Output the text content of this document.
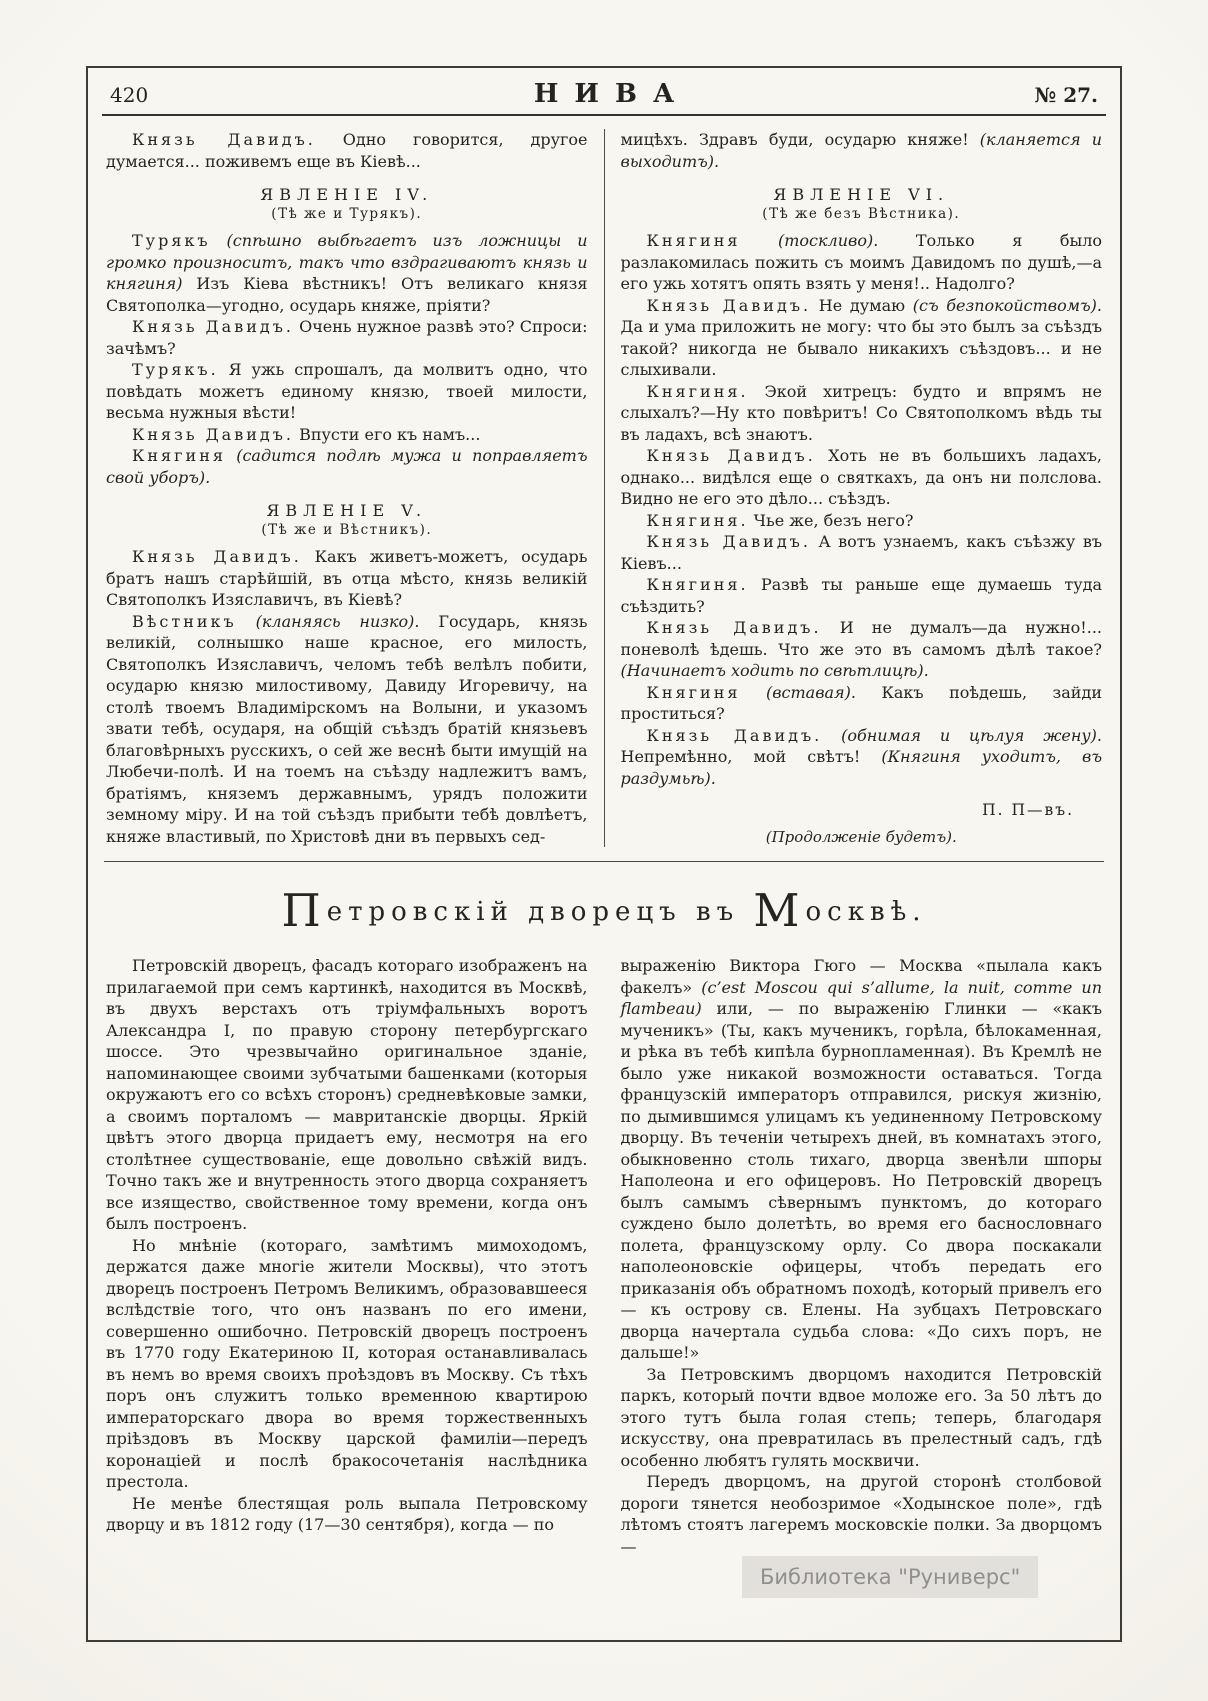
420	НИВА	№ 27.

Князь Давидъ. Одно говорится, другое думается... поживемъ еще въ Кіевѣ...

ЯВЛЕНІЕ IV.
(Тѣ же и Турякъ).

Турякъ (спѣшно выбѣгаетъ изъ ложницы и громко произноситъ, такъ что вздрагиваютъ князь и княгиня) Изъ Кіева вѣстникъ! Отъ великаго князя Святополка—угодно, осударь княже, пріяти?

Князь Давидъ. Очень нужное развѣ это? Спроси: зачѣмъ?

Турякъ. Я ужь спрошалъ, да молвитъ одно, что повѣдать можетъ единому князю, твоей милости, весьма нужныя вѣсти!

Князь Давидъ. Впусти его къ намъ...

Княгиня (садится подлѣ мужа и поправляетъ свой уборъ).

ЯВЛЕНІЕ V.
(Тѣ же и Вѣстникъ).

Князь Давидъ. Какъ живетъ-можетъ, осударь братъ нашъ старѣйшій, въ отца мѣсто, князь великій Святополкъ Изяславичъ, въ Кіевѣ?

Вѣстникъ (кланяясь низко). Государь, князь великій, солнышко наше красное, его милость, Святополкъ Изяславичъ, челомъ тебѣ велѣлъ побити, осударю князю милостивому, Давиду Игоревичу, на столѣ твоемъ Владимірскомъ на Волыни, и указомъ звати тебѣ, осударя, на общій съѣздъ братій князьевъ благовѣрныхъ русскихъ, о сей же веснѣ быти имущій на Любечи-полѣ. И на тоемъ на съѣзду надлежитъ вамъ, братіямъ, княземъ державнымъ, урядъ положити земному міру. И на той съѣздъ прибыти тебѣ довлѣетъ, княже властивый, по Христовѣ дни въ первыхъ сед-

мицѣхъ. Здравъ буди, осударю княже! (кланяется и выходитъ).

ЯВЛЕНІЕ VI.
(Тѣ же безъ Вѣстника).

Княгиня (тоскливо). Только я было разлакомилась пожить съ моимъ Давидомъ по душѣ,—а его ужь хотятъ опять взять у меня!.. Надолго?

Князь Давидъ. Не думаю (съ безпокойствомъ). Да и ума приложить не могу: что бы это былъ за съѣздъ такой? никогда не бывало никакихъ съѣздовъ... и не слыхивали.

Княгиня. Экой хитрецъ: будто и впрямъ не слыхалъ?—Ну кто повѣритъ! Со Святополкомъ вѣдь ты въ ладахъ, всѣ знаютъ.

Князь Давидъ. Хоть не въ большихъ ладахъ, однако... видѣлся еще о святкахъ, да онъ ни полслова. Видно не его это дѣло... съѣздъ.

Княгиня. Чье же, безъ него?

Князь Давидъ. А вотъ узнаемъ, какъ съѣзжу въ Кіевъ...

Княгиня. Развѣ ты раньше еще думаешь туда съѣздить?

Князь Давидъ. И не думалъ—да нужно!... поневолѣ ѣдешь. Что же это въ самомъ дѣлѣ такое? (Начинаетъ ходить по свѣтлицѣ).

Княгиня (вставая). Какъ поѣдешь, зайди проститься?

Князь Давидъ. (обнимая и цѣлуя жену). Непремѣнно, мой свѣтъ! (Княгиня уходитъ, въ раздумьѣ).

П. П—въ.
(Продолженіе будетъ).
Петровскій дворецъ въ Москвѣ.

Петровскій дворецъ, фасадъ котораго изображенъ на прилагаемой при семъ картинкѣ, находится въ Москвѣ, въ двухъ верстахъ отъ тріумфальныхъ воротъ Александра I, по правую сторону петербургскаго шоссе. Это чрезвычайно оригинальное зданіе, напоминающее своими зубчатыми башенками (которыя окружаютъ его со всѣхъ сторонъ) средневѣковые замки, а своимъ порталомъ — мавританскіе дворцы. Яркій цвѣтъ этого дворца придаетъ ему, несмотря на его столѣтнее существованіе, еще довольно свѣжій видъ. Точно такъ же и внутренность этого дворца сохраняетъ все изящество, свойственное тому времени, когда онъ былъ построенъ.

Но мнѣніе (котораго, замѣтимъ мимоходомъ, держатся даже многіе жители Москвы), что этотъ дворецъ построенъ Петромъ Великимъ, образовавшееся вслѣдствіе того, что онъ названъ по его имени, совершенно ошибочно. Петровскій дворецъ построенъ въ 1770 году Екатериною II, которая останавливалась въ немъ во время своихъ проѣздовъ въ Москву. Съ тѣхъ поръ онъ служитъ только временною квартирою императорскаго двора во время торжественныхъ пріѣздовъ въ Москву царской фамиліи—передъ коронаціей и послѣ бракосочетанія наслѣдника престола.

Не менѣе блестящая роль выпала Петровскому дворцу и въ 1812 году (17—30 сентября), когда — по

выраженію Виктора Гюго — Москва «пылала какъ факелъ» (c’est Moscou qui s’allume, la nuit, comme un flambeau) или, — по выраженію Глинки — «какъ мученикъ» (Ты, какъ мученикъ, горѣла, бѣлокаменная, и рѣка въ тебѣ кипѣла бурнопламенная). Въ Кремлѣ не было уже никакой возможности оставаться. Тогда французскій императоръ отправился, рискуя жизнію, по дымившимся улицамъ къ уединенному Петровскому дворцу. Въ теченіи четырехъ дней, въ комнатахъ этого, обыкновенно столь тихаго, дворца звенѣли шпоры Наполеона и его офицеровъ. Но Петровскій дворецъ былъ самымъ сѣвернымъ пунктомъ, до котораго суждено было долетѣть, во время его баснословнаго полета, французскому орлу. Со двора поскакали наполеоновскіе офицеры, чтобъ передать его приказанія объ обратномъ походѣ, который привелъ его — къ острову св. Елены. На зубцахъ Петровскаго дворца начертала судьба слова: «До сихъ поръ, не дальше!»

За Петровскимъ дворцомъ находится Петровскій паркъ, который почти вдвое моложе его. За 50 лѣтъ до этого тутъ была голая степь; теперь, благодаря искусству, она превратилась въ прелестный садъ, гдѣ особенно любятъ гулять москвичи.

Передъ дворцомъ, на другой сторонѣ столбовой дороги тянется необозримое «Ходынское поле», гдѣ лѣтомъ стоятъ лагеремъ московскіе полки. За дворцомъ —

Библиотека "Руниверс"
